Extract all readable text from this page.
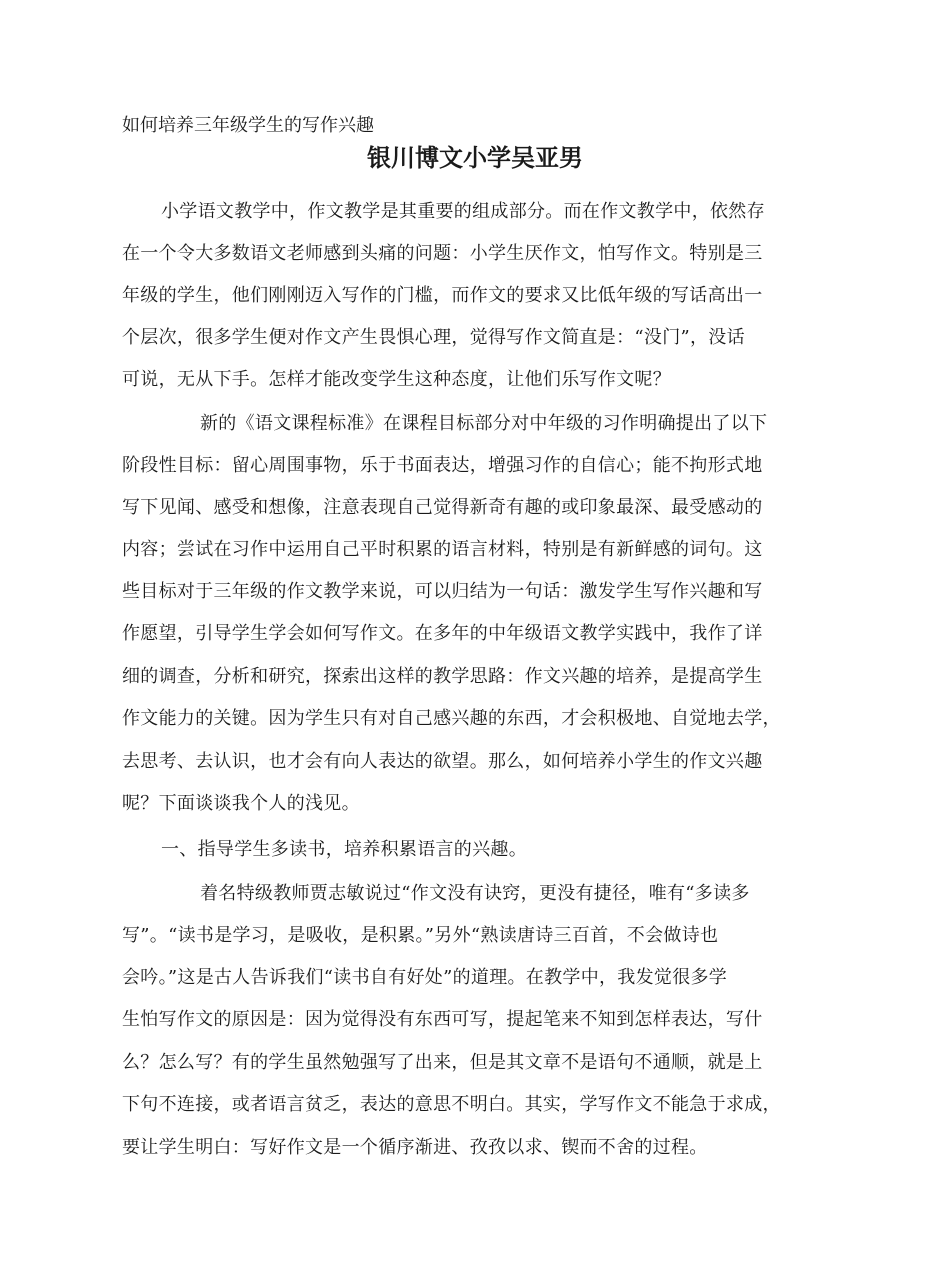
如何培养三年级学生的写作兴趣
银川博文小学吴亚男
小学语文教学中，作文教学是其重要的组成部分。而在作文教学中，依然存
在一个令大多数语文老师感到头痛的问题：小学生厌作文，怕写作文。特别是三
年级的学生，他们刚刚迈入写作的门槛，而作文的要求又比低年级的写话高出一
个层次，很多学生便对作文产生畏惧心理，觉得写作文简直是：“没门”，没话
可说，无从下手。怎样才能改变学生这种态度，让他们乐写作文呢？
新的《语文课程标准》在课程目标部分对中年级的习作明确提出了以下
阶段性目标：留心周围事物，乐于书面表达，增强习作的自信心；能不拘形式地
写下见闻、感受和想像，注意表现自己觉得新奇有趣的或印象最深、最受感动的
内容；尝试在习作中运用自己平时积累的语言材料，特别是有新鲜感的词句。这
些目标对于三年级的作文教学来说，可以归结为一句话：激发学生写作兴趣和写
作愿望，引导学生学会如何写作文。在多年的中年级语文教学实践中，我作了详
细的调查，分析和研究，探索出这样的教学思路：作文兴趣的培养，是提高学生
作文能力的关键。因为学生只有对自己感兴趣的东西，才会积极地、自觉地去学，
去思考、去认识，也才会有向人表达的欲望。那么，如何培养小学生的作文兴趣
呢？下面谈谈我个人的浅见。
一、指导学生多读书，培养积累语言的兴趣。
着名特级教师贾志敏说过“作文没有诀窍，更没有捷径，唯有“多读多
写”。“读书是学习，是吸收，是积累。”另外“熟读唐诗三百首，不会做诗也
会吟。”这是古人告诉我们“读书自有好处”的道理。在教学中，我发觉很多学
生怕写作文的原因是：因为觉得没有东西可写，提起笔来不知到怎样表达，写什
么？怎么写？有的学生虽然勉强写了出来，但是其文章不是语句不通顺，就是上
下句不连接，或者语言贫乏，表达的意思不明白。其实，学写作文不能急于求成，
要让学生明白：写好作文是一个循序渐进、孜孜以求、锲而不舍的过程。
